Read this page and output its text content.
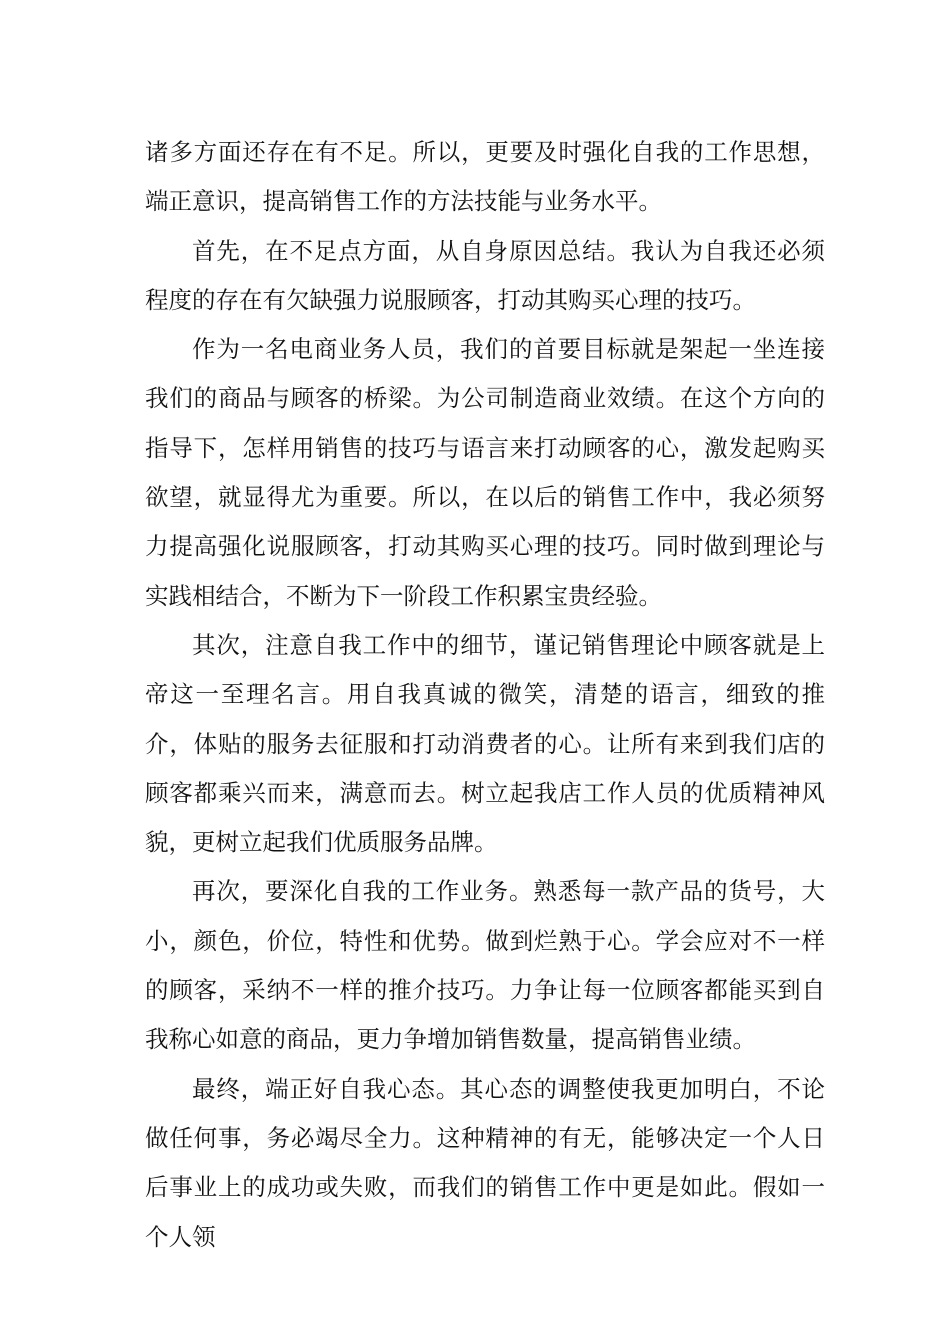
诸多方面还存在有不足。所以，更要及时强化自我的工作思想，端正意识，提高销售工作的方法技能与业务水平。

首先，在不足点方面，从自身原因总结。我认为自我还必须程度的存在有欠缺强力说服顾客，打动其购买心理的技巧。

作为一名电商业务人员，我们的首要目标就是架起一坐连接我们的商品与顾客的桥梁。为公司制造商业效绩。在这个方向的指导下，怎样用销售的技巧与语言来打动顾客的心，激发起购买欲望，就显得尤为重要。所以，在以后的销售工作中，我必须努力提高强化说服顾客，打动其购买心理的技巧。同时做到理论与实践相结合，不断为下一阶段工作积累宝贵经验。

其次，注意自我工作中的细节，谨记销售理论中顾客就是上帝这一至理名言。用自我真诚的微笑，清楚的语言，细致的推介，体贴的服务去征服和打动消费者的心。让所有来到我们店的顾客都乘兴而来，满意而去。树立起我店工作人员的优质精神风貌，更树立起我们优质服务品牌。

再次，要深化自我的工作业务。熟悉每一款产品的货号，大小，颜色，价位，特性和优势。做到烂熟于心。学会应对不一样的顾客，采纳不一样的推介技巧。力争让每一位顾客都能买到自我称心如意的商品，更力争增加销售数量，提高销售业绩。

最终，端正好自我心态。其心态的调整使我更加明白，不论做任何事，务必竭尽全力。这种精神的有无，能够决定一个人日后事业上的成功或失败，而我们的销售工作中更是如此。假如一个人领
